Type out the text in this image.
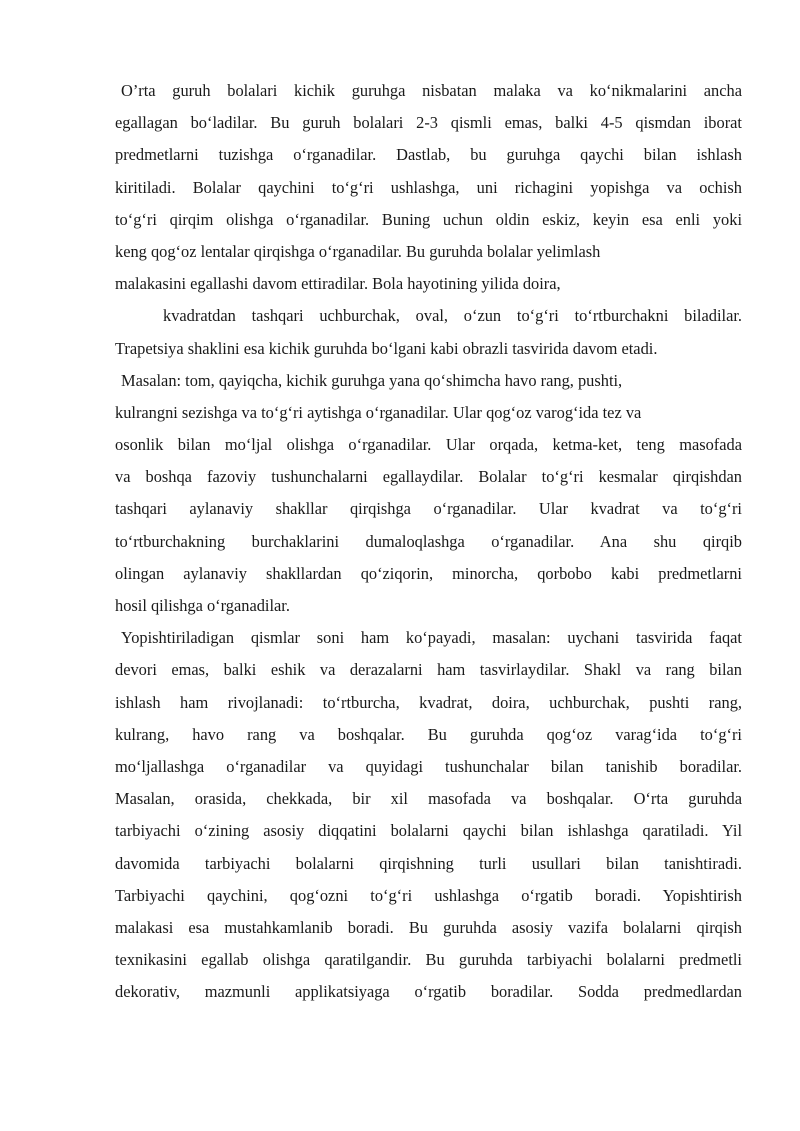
O’rta guruh bolalari kichik guruhga nisbatan malaka va ko‘nikmalarini ancha
egallagan bo‘ladilar. Bu guruh bolalari 2-3 qismli emas, balki 4-5 qismdan iborat
predmetlarni tuzishga o‘rganadilar. Dastlab, bu guruhga qaychi bilan ishlash
kiritiladi. Bolalar qaychini to‘g‘ri ushlashga, uni richagini yopishga va ochish
to‘g‘ri qirqim olishga o‘rganadilar. Buning uchun oldin eskiz, keyin esa enli yoki
keng qog‘oz lentalar qirqishga o‘rganadilar. Bu guruhda bolalar yelimlash
malakasini egallashi davom ettiradilar. Bola hayotining yilida doira,
kvadratdan tashqari uchburchak, oval, o‘zun to‘g‘ri to‘rtburchakni biladilar.
Trapetsiya shaklini esa kichik guruhda bo‘lgani kabi obrazli tasvirida davom etadi.
Masalan: tom, qayiqcha, kichik guruhga yana qo‘shimcha havo rang, pushti,
kulrangni sezishga va to‘g‘ri aytishga o‘rganadilar. Ular qog‘oz varog‘ida tez va
osonlik bilan mo‘ljal olishga o‘rganadilar. Ular orqada, ketma-ket, teng masofada
va boshqa fazoviy tushunchalarni egallaydilar. Bolalar to‘g‘ri kesmalar qirqishdan
tashqari aylanaviy shakllar qirqishga o‘rganadilar. Ular kvadrat va to‘g‘ri
to‘rtburchakning burchaklarini dumaloqlashga o‘rganadilar. Ana shu qirqib
olingan aylanaviy shakllardan qo‘ziqorin, minorcha, qorbobo kabi predmetlarni
hosil qilishga o‘rganadilar.
Yopishtiriladigan qismlar soni ham ko‘payadi, masalan: uychani tasvirida faqat
devori emas, balki eshik va derazalarni ham tasvirlaydilar. Shakl va rang bilan
ishlash ham rivojlanadi: to‘rtburcha, kvadrat, doira, uchburchak, pushti rang,
kulrang, havo rang va boshqalar. Bu guruhda qog‘oz varag‘ida to‘g‘ri
mo‘ljallashga o‘rganadilar va quyidagi tushunchalar bilan tanishib boradilar.
Masalan, orasida, chekkada, bir xil masofada va boshqalar. O‘rta guruhda
tarbiyachi o‘zining asosiy diqqatini bolalarni qaychi bilan ishlashga qaratiladi. Yil
davomida tarbiyachi bolalarni qirqishning turli usullari bilan tanishtiradi.
Tarbiyachi qaychini, qog‘ozni to‘g‘ri ushlashga o‘rgatib boradi. Yopishtirish
malakasi esa mustahkamlanib boradi. Bu guruhda asosiy vazifa bolalarni qirqish
texnikasini egallab olishga qaratilgandir. Bu guruhda tarbiyachi bolalarni predmetli
dekorativ, mazmunli applikatsiyaga o‘rgatib boradilar. Sodda predmedlardan
